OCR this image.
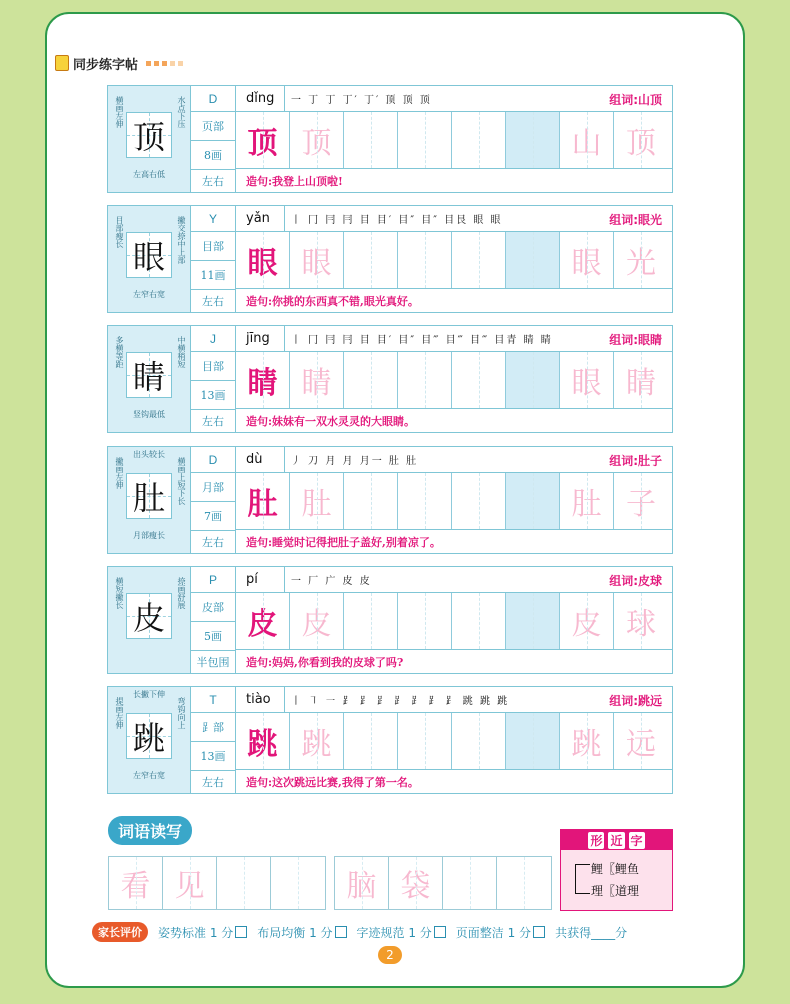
同步练字帖
横画左伸	水点下压
顶
左高右低
D
页部
8画
左右
dǐng	一 丁 丁 丁′ 丁′ 顶 顶 顶	组词:山顶
顶 顶	山 顶
造句:我登上山顶啦!
目部瘦长	撇交捺中上部
眼
左窄右宽
Y
目部
11画
左右
yǎn	丨 冂 冃 冃 目 目′ 目″ 目″ 目艮 眼 眼	组词:眼光
眼 眼	眼 光
造句:你挑的东西真不错,眼光真好。
多横等距	中横稍短
睛
竖钩最低
J
目部
13画
左右
jīng	丨 冂 冃 冃 目 目′ 目″ 目‴ 目‴ 目‴ 目青 睛 睛	组词:眼睛
睛 睛	眼 睛
造句:妹妹有一双水灵灵的大眼睛。
出头较长
撇画左伸	横画上短下长
肚
月部瘦长
D
月部
7画
左右
dù	丿 刀 月 月 月一 肚 肚	组词:肚子
肚 肚	肚 子
造句:睡觉时记得把肚子盖好,别着凉了。
横短撇长	捺画舒展
皮
P
皮部
5画
半包围
pí	一 厂 广 皮 皮	组词:皮球
皮 皮	皮 球
造句:妈妈,你看到我的皮球了吗?
长撇下伸
提画左伸	弯钩向上
跳
左窄右宽
T
⻊部
13画
左右
tiào	丨 ㇕ ㇐ ⻊ ⻊ ⻊ ⻊ ⻊ ⻊ ⻊ 跳 跳 跳	组词:跳远
跳 跳	跳 远
造句:这次跳远比赛,我得了第一名。
词语读写
看 见	脑 袋
形 近 字
鲤〖鲤鱼
理〖道理
家长评价	姿势标准 1 分 布局均衡 1 分 字迹规范 1 分 页面整洁 1 分 共获得____分
2
